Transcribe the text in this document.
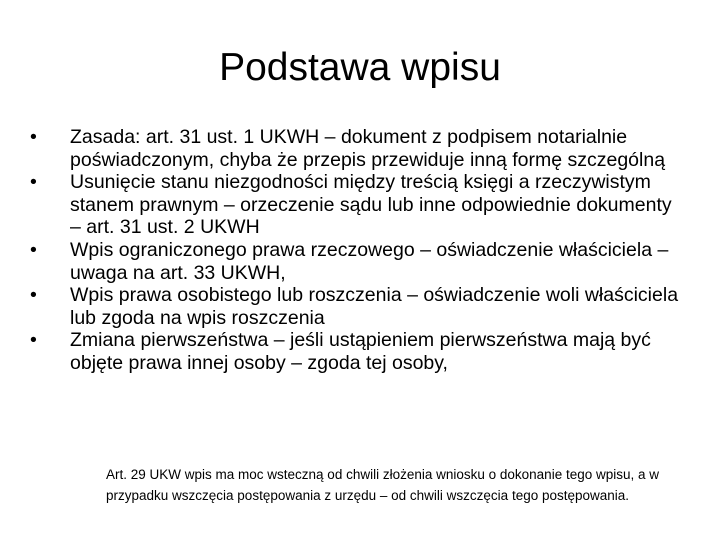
Podstawa wpisu
•	Zasada: art. 31 ust. 1 UKWH – dokument z podpisem notarialnie poświadczonym, chyba że przepis przewiduje inną formę szczególną
•	Usunięcie stanu niezgodności między treścią księgi a rzeczywistym stanem prawnym – orzeczenie sądu lub inne odpowiednie dokumenty – art. 31 ust. 2 UKWH
•	Wpis ograniczonego prawa rzeczowego – oświadczenie właściciela – uwaga na art. 33 UKWH,
•	Wpis prawa osobistego lub roszczenia – oświadczenie woli właściciela lub zgoda na wpis roszczenia
•	Zmiana pierwszeństwa – jeśli ustąpieniem pierwszeństwa mają być objęte prawa innej osoby – zgoda tej osoby,

Art. 29 UKW wpis ma moc wsteczną od chwili złożenia wniosku o dokonanie tego wpisu, a w przypadku wszczęcia postępowania z urzędu – od chwili wszczęcia tego postępowania.
